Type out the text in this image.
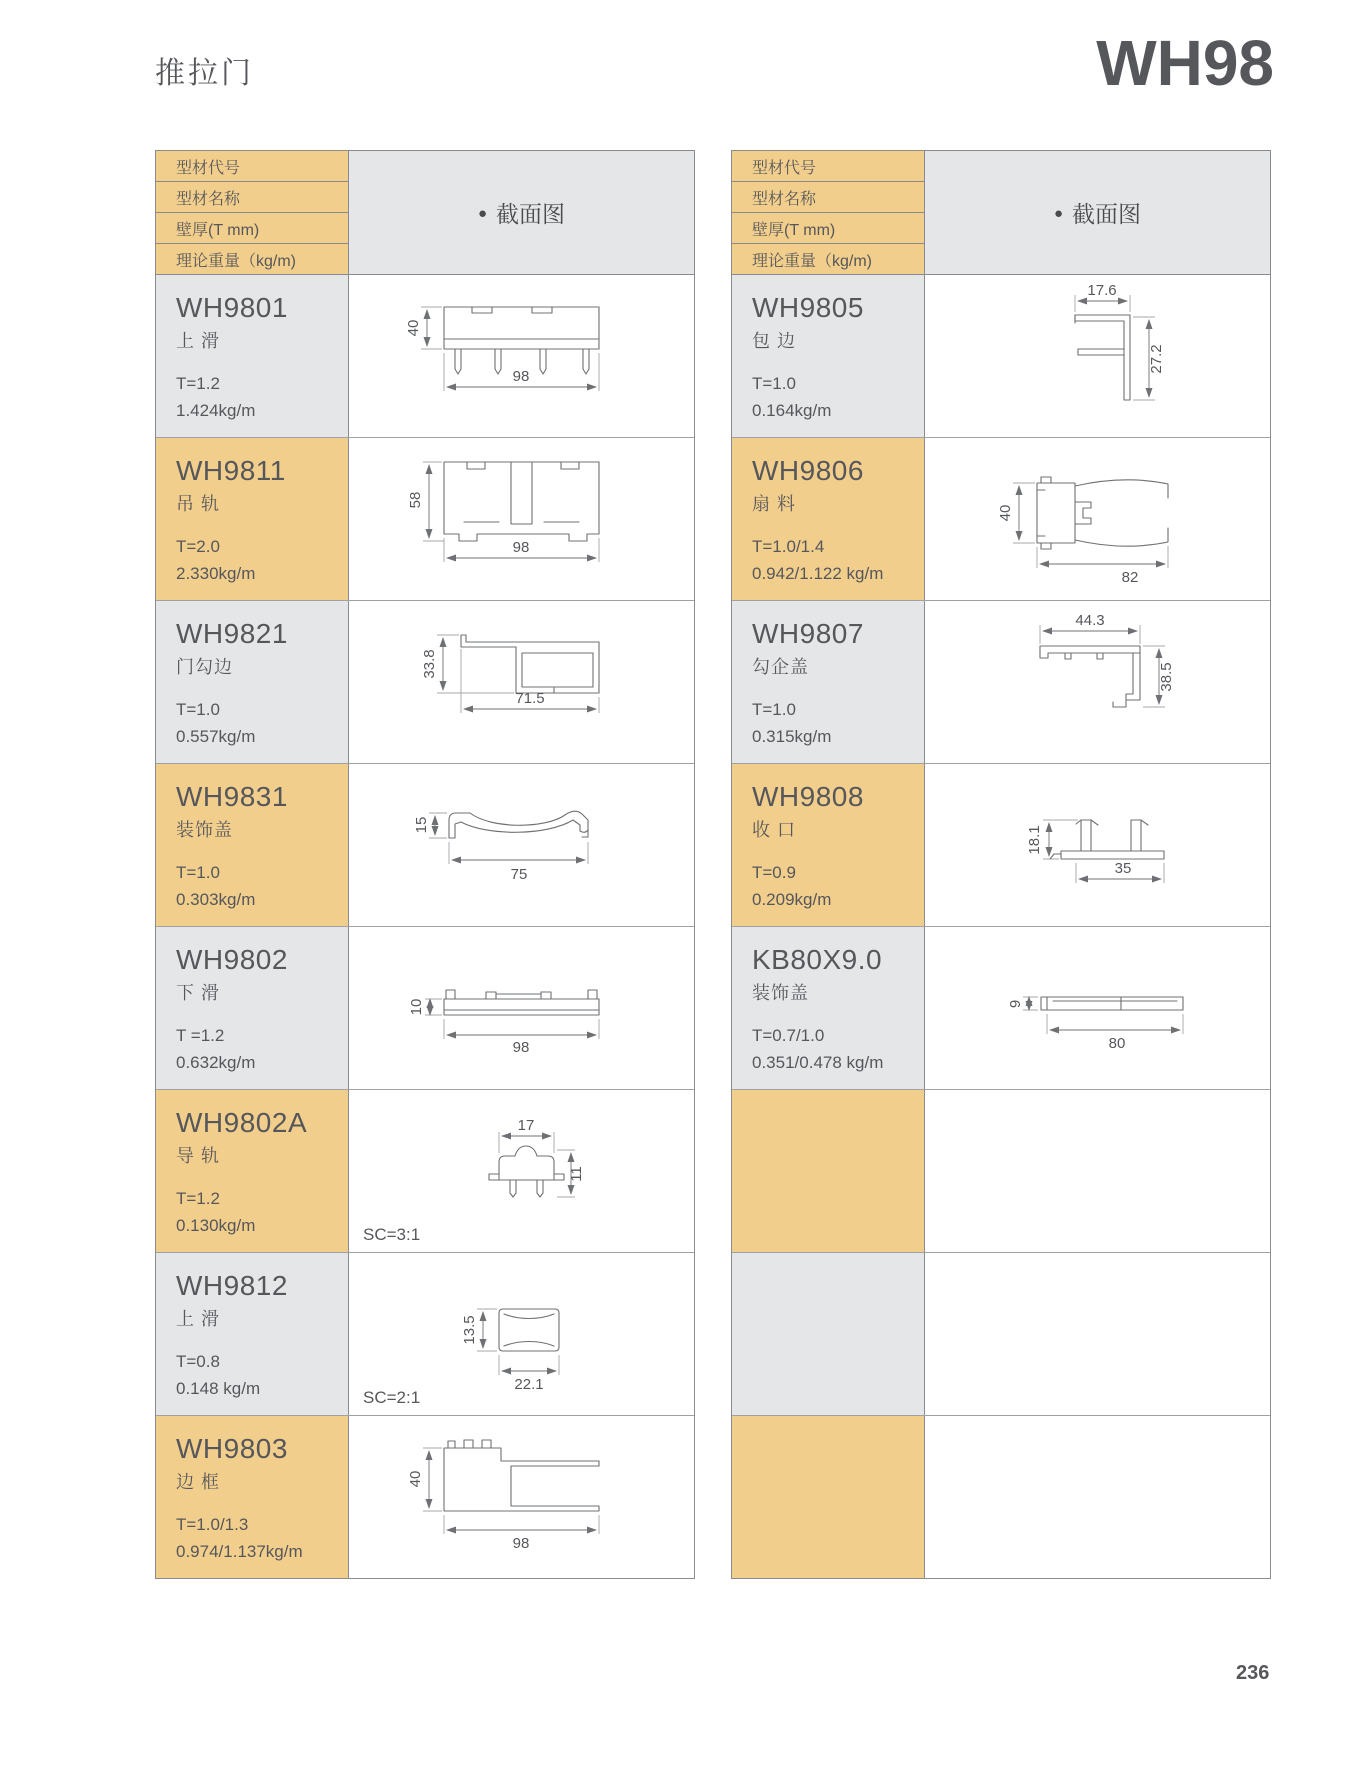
推拉门	WH98
型材代号
型材名称
壁厚(T mm)
理论重量（kg/m)
● 截面图
WH9801
上 滑
T=1.2
1.424kg/m
40
98
WH9811
吊 轨
T=2.0
2.330kg/m
58
98
WH9821
门勾边
T=1.0
0.557kg/m
33.8
71.5
WH9831
装饰盖
T=1.0
0.303kg/m
15
75
WH9802
下 滑
T =1.2
0.632kg/m
10
98
WH9802A
导 轨
T=1.2
0.130kg/m
17
11
SC=3:1
WH9812
上 滑
T=0.8
0.148 kg/m
13.5
22.1
SC=2:1
WH9803
边 框
T=1.0/1.3
0.974/1.137kg/m
40
98
型材代号
型材名称
壁厚(T mm)
理论重量（kg/m)
● 截面图
WH9805
包 边
T=1.0
0.164kg/m
17.6
27.2
WH9806
扇 料
T=1.0/1.4
0.942/1.122 kg/m
40
82
WH9807
勾企盖
T=1.0
0.315kg/m
44.3
38.5
WH9808
收 口
T=0.9
0.209kg/m
18.1
35
KB80X9.0
装饰盖
T=0.7/1.0
0.351/0.478 kg/m
9
80
236
